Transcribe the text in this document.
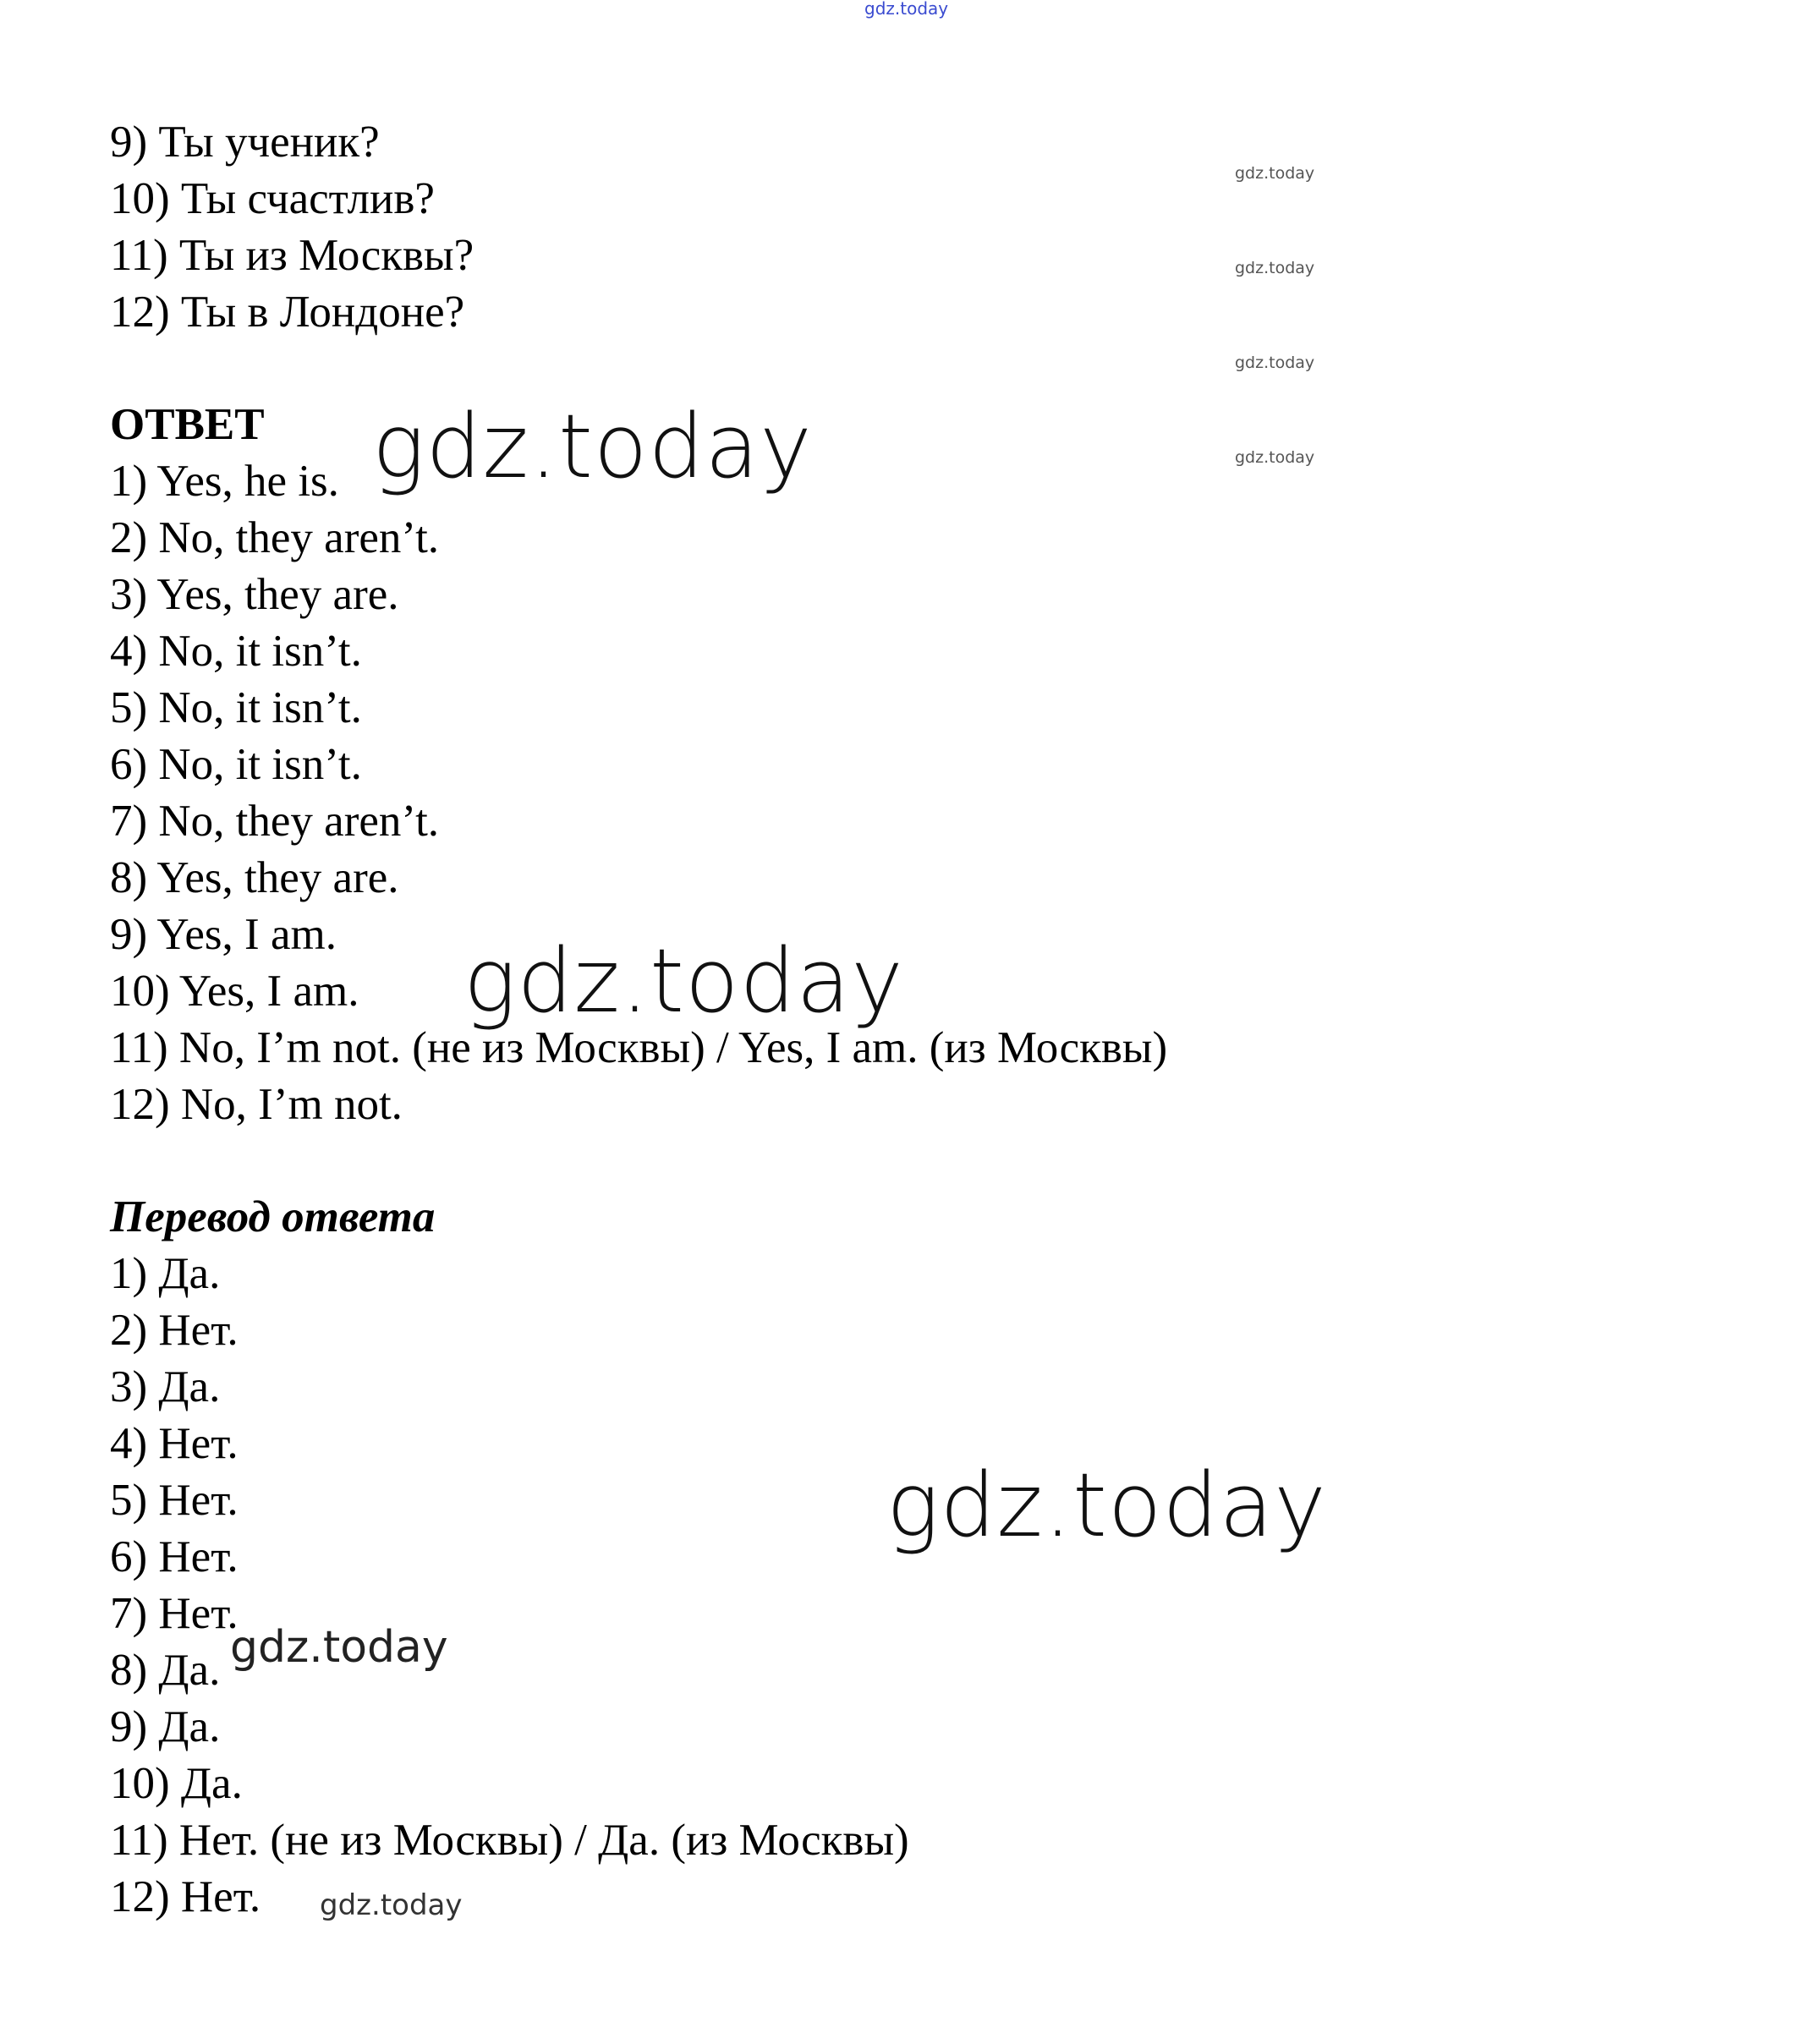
gdz.today
gdz.today
gdz.today
gdz.today
gdz.today
gdz.today
gdz.today
gdz.today
gdz.today
gdz.today
9) Ты ученик?
10) Ты счастлив?
11) Ты из Москвы?
12) Ты в Лондоне?
ОТВЕТ
1) Yes, he is.
2) No, they aren’t.
3) Yes, they are.
4) No, it isn’t.
5) No, it isn’t.
6) No, it isn’t.
7) No, they aren’t.
8) Yes, they are.
9) Yes, I am.
10) Yes, I am.
11) No, I’m not. (не из Москвы) / Yes, I am. (из Москвы)
12) No, I’m not.
Перевод ответа
1) Да.
2) Нет.
3) Да.
4) Нет.
5) Нет.
6) Нет.
7) Нет.
8) Да.
9) Да.
10) Да.
11) Нет. (не из Москвы) / Да. (из Москвы)
12) Нет.
